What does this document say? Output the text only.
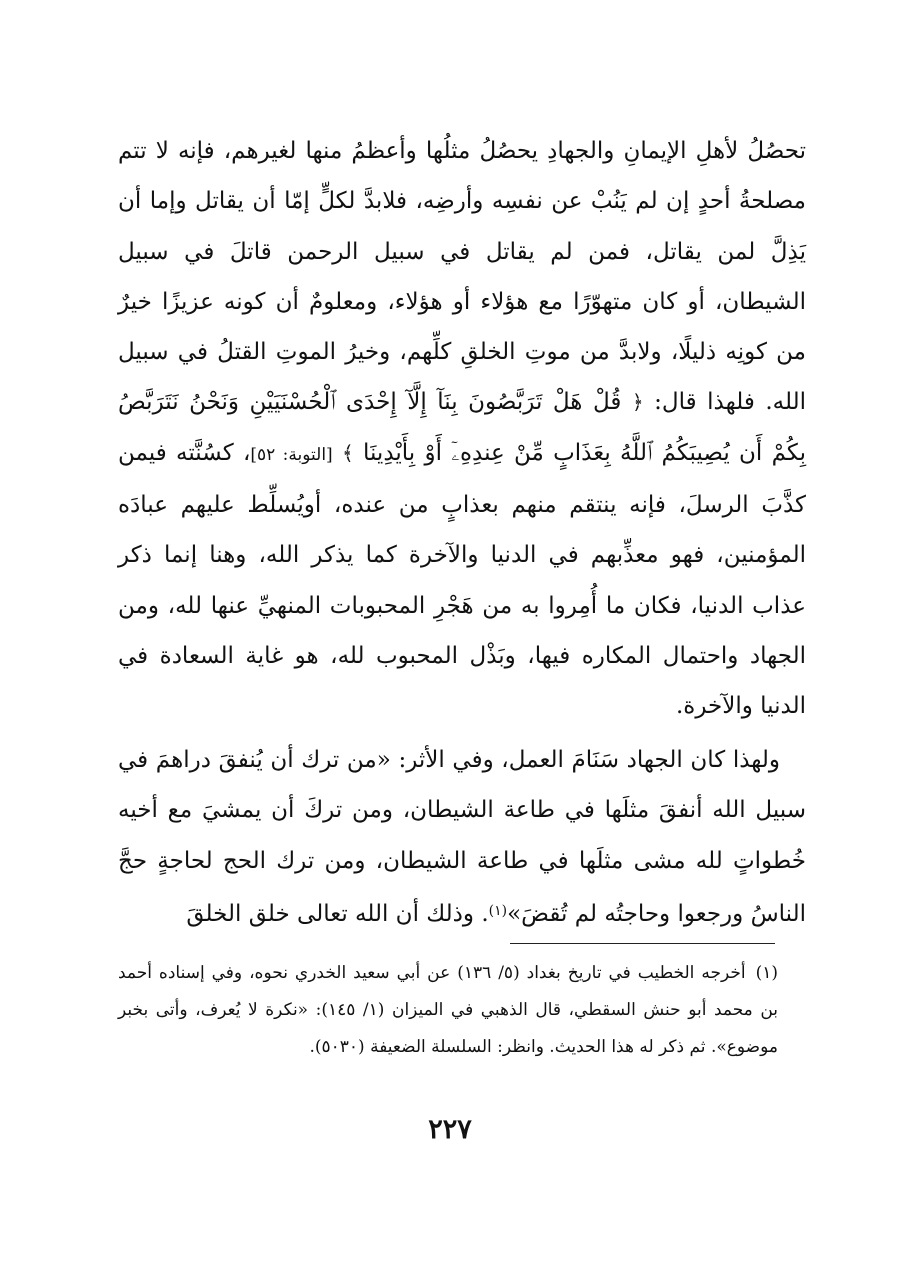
تحصُلُ لأهلِ الإيمانِ والجهادِ يحصُلُ مثلُها وأعظمُ منها لغيرهم، فإنه لا تتم مصلحةُ أحدٍ إن لم يَنُبْ عن نفسِه وأرضِه، فلابدَّ لكلٍّ إمّا أن يقاتل وإما أن يَذِلَّ لمن يقاتل، فمن لم يقاتل في سبيل الرحمن قاتلَ في سبيل الشيطان، أو كان متهوّرًا مع هؤلاء أو هؤلاء، ومعلومٌ أن كونه عزيزًا خيرٌ من كونِه ذليلًا، ولابدَّ من موتِ الخلقِ كلِّهم، وخيرُ الموتِ القتلُ في سبيل الله. فلهذا قال: ﴿ قُلْ هَلْ تَرَبَّصُونَ بِنَآ إِلَّآ إِحْدَى ٱلْحُسْنَيَيْنِ وَنَحْنُ نَتَرَبَّصُ بِكُمْ أَن يُصِيبَكُمُ ٱللَّهُ بِعَذَابٍ مِّنْ عِندِهِۦٓ أَوْ بِأَيْدِينَا ﴾ [التوبة: ٥٢]، كسُنَّته فيمن كذَّبَ الرسلَ، فإنه ينتقم منهم بعذابٍ من عنده، أويُسلِّط عليهم عبادَه المؤمنين، فهو معذِّبهم في الدنيا والآخرة كما يذكر الله، وهنا إنما ذكر عذاب الدنيا، فكان ما أُمِروا به من هَجْرِ المحبوبات المنهيِّ عنها لله، ومن الجهاد واحتمال المكاره فيها، وبَذْل المحبوب لله، هو غاية السعادة في الدنيا والآخرة.
ولهذا كان الجهاد سَنَامَ العمل، وفي الأثر: «من ترك أن يُنفقَ دراهمَ في سبيل الله أنفقَ مثلَها في طاعة الشيطان، ومن تركَ أن يمشيَ مع أخيه خُطواتٍ لله مشى مثلَها في طاعة الشيطان، ومن ترك الحج لحاجةٍ حجَّ الناسُ ورجعوا وحاجتُه لم تُقضَ»$^{(١)}$. وذلك أن الله تعالى خلق الخلقَ
(١)أخرجه الخطيب في تاريخ بغداد (٥/ ١٣٦) عن أبي سعيد الخدري نحوه، وفي إسناده أحمد بن محمد أبو حنش السقطي، قال الذهبي في الميزان (١/ ١٤٥): «نكرة لا يُعرف، وأتى بخبر موضوع». ثم ذكر له هذا الحديث. وانظر: السلسلة الضعيفة (٥٠٣٠).
٢٢٧
